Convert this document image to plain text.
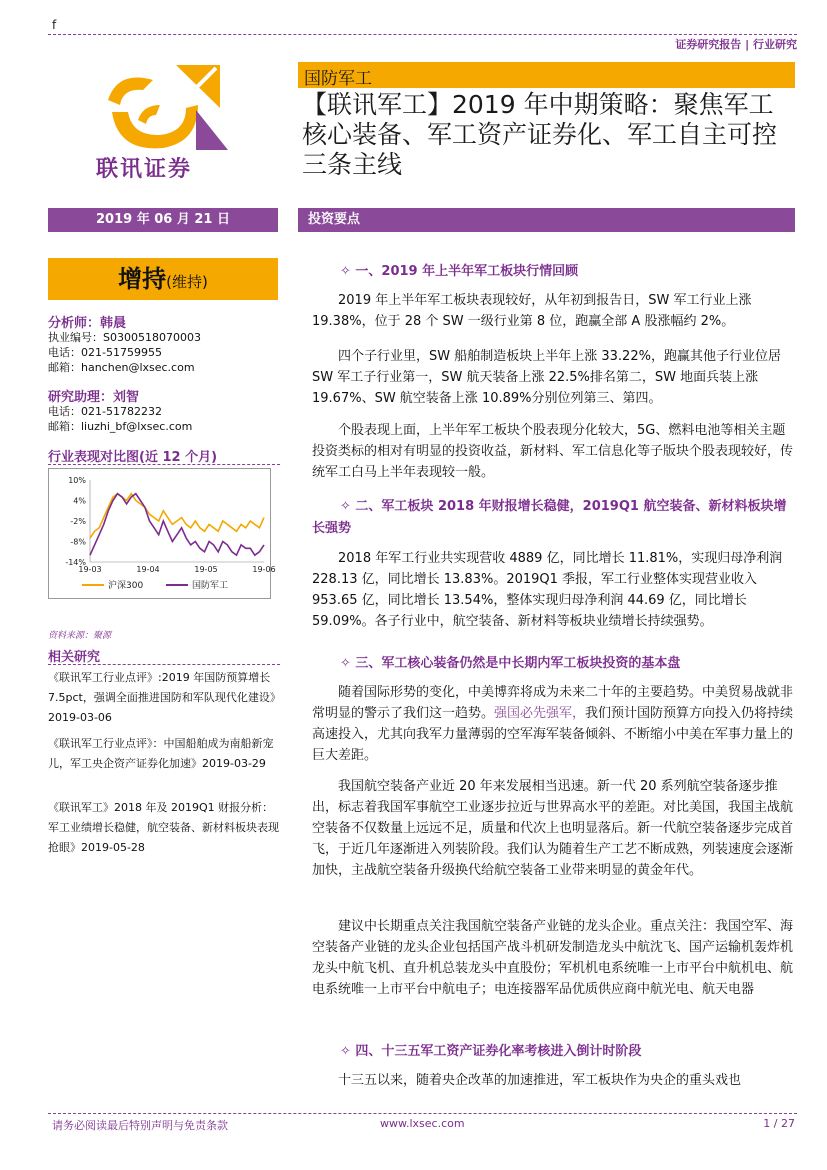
f
证券研究报告 | 行业研究
联讯证券
国防军工
【联讯军工】2019 年中期策略：聚焦军工核心装备、军工资产证券化、军工自主可控三条主线
2019 年 06 月 21 日	投资要点
增持(维持)
分析师：韩晨
执业编号：S0300518070003
电话：021-51759955
邮箱：hanchen@lxsec.com
研究助理：刘智
电话：021-51782232
邮箱：liuzhi_bf@lxsec.com
行业表现对比图(近 12 个月)
10%
4%
-2%
-8%
-14%
19-03	19-04	19-05	19-06
沪深300	国防军工
资料来源：聚源
相关研究
《联讯军工行业点评》:2019 年国防预算增长 7.5pct，强调全面推进国防和军队现代化建设》2019-03-06
《联讯军工行业点评》：中国船舶成为南船新宠儿，军工央企资产证券化加速》2019-03-29
《联讯军工》2018 年及 2019Q1 财报分析：军工业绩增长稳健，航空装备、新材料板块表现抢眼》2019-05-28
✧ 一、2019 年上半年军工板块行情回顾
2019 年上半年军工板块表现较好，从年初到报告日，SW 军工行业上涨 19.38%，位于 28 个 SW 一级行业第 8 位，跑赢全部 A 股涨幅约 2%。
四个子行业里，SW 船舶制造板块上半年上涨 33.22%，跑赢其他子行业位居 SW 军工子行业第一，SW 航天装备上涨 22.5%排名第二，SW 地面兵装上涨 19.67%、SW 航空装备上涨 10.89%分别位列第三、第四。
个股表现上面，上半年军工板块个股表现分化较大，5G、燃料电池等相关主题投资类标的相对有明显的投资收益，新材料、军工信息化等子版块个股表现较好，传统军工白马上半年表现较一般。
✧ 二、军工板块 2018 年财报增长稳健，2019Q1 航空装备、新材料板块增长强势
2018 年军工行业共实现营收 4889 亿，同比增长 11.81%，实现归母净利润 228.13 亿，同比增长 13.83%。2019Q1 季报，军工行业整体实现营业收入 953.65 亿，同比增长 13.54%，整体实现归母净利润 44.69 亿，同比增长 59.09%。各子行业中，航空装备、新材料等板块业绩增长持续强势。
✧ 三、军工核心装备仍然是中长期内军工板块投资的基本盘
随着国际形势的变化，中美博弈将成为未来二十年的主要趋势。中美贸易战就非常明显的警示了我们这一趋势。强国必先强军，我们预计国防预算方向投入仍将持续高速投入，尤其向我军力量薄弱的空军海军装备倾斜、不断缩小中美在军事力量上的巨大差距。
我国航空装备产业近 20 年来发展相当迅速。新一代 20 系列航空装备逐步推出，标志着我国军事航空工业逐步拉近与世界高水平的差距。对比美国，我国主战航空装备不仅数量上远远不足，质量和代次上也明显落后。新一代航空装备逐步完成首飞，于近几年逐渐进入列装阶段。我们认为随着生产工艺不断成熟，列装速度会逐渐加快，主战航空装备升级换代给航空装备工业带来明显的黄金年代。
建议中长期重点关注我国航空装备产业链的龙头企业。重点关注：我国空军、海空装备产业链的龙头企业包括国产战斗机研发制造龙头中航沈飞、国产运输机轰炸机龙头中航飞机、直升机总装龙头中直股份；军机机电系统唯一上市平台中航机电、航电系统唯一上市平台中航电子；电连接器军品优质供应商中航光电、航天电器
✧ 四、十三五军工资产证券化率考核进入倒计时阶段
十三五以来，随着央企改革的加速推进，军工板块作为央企的重头戏也
请务必阅读最后特别声明与免责条款	www.lxsec.com	1 / 27
